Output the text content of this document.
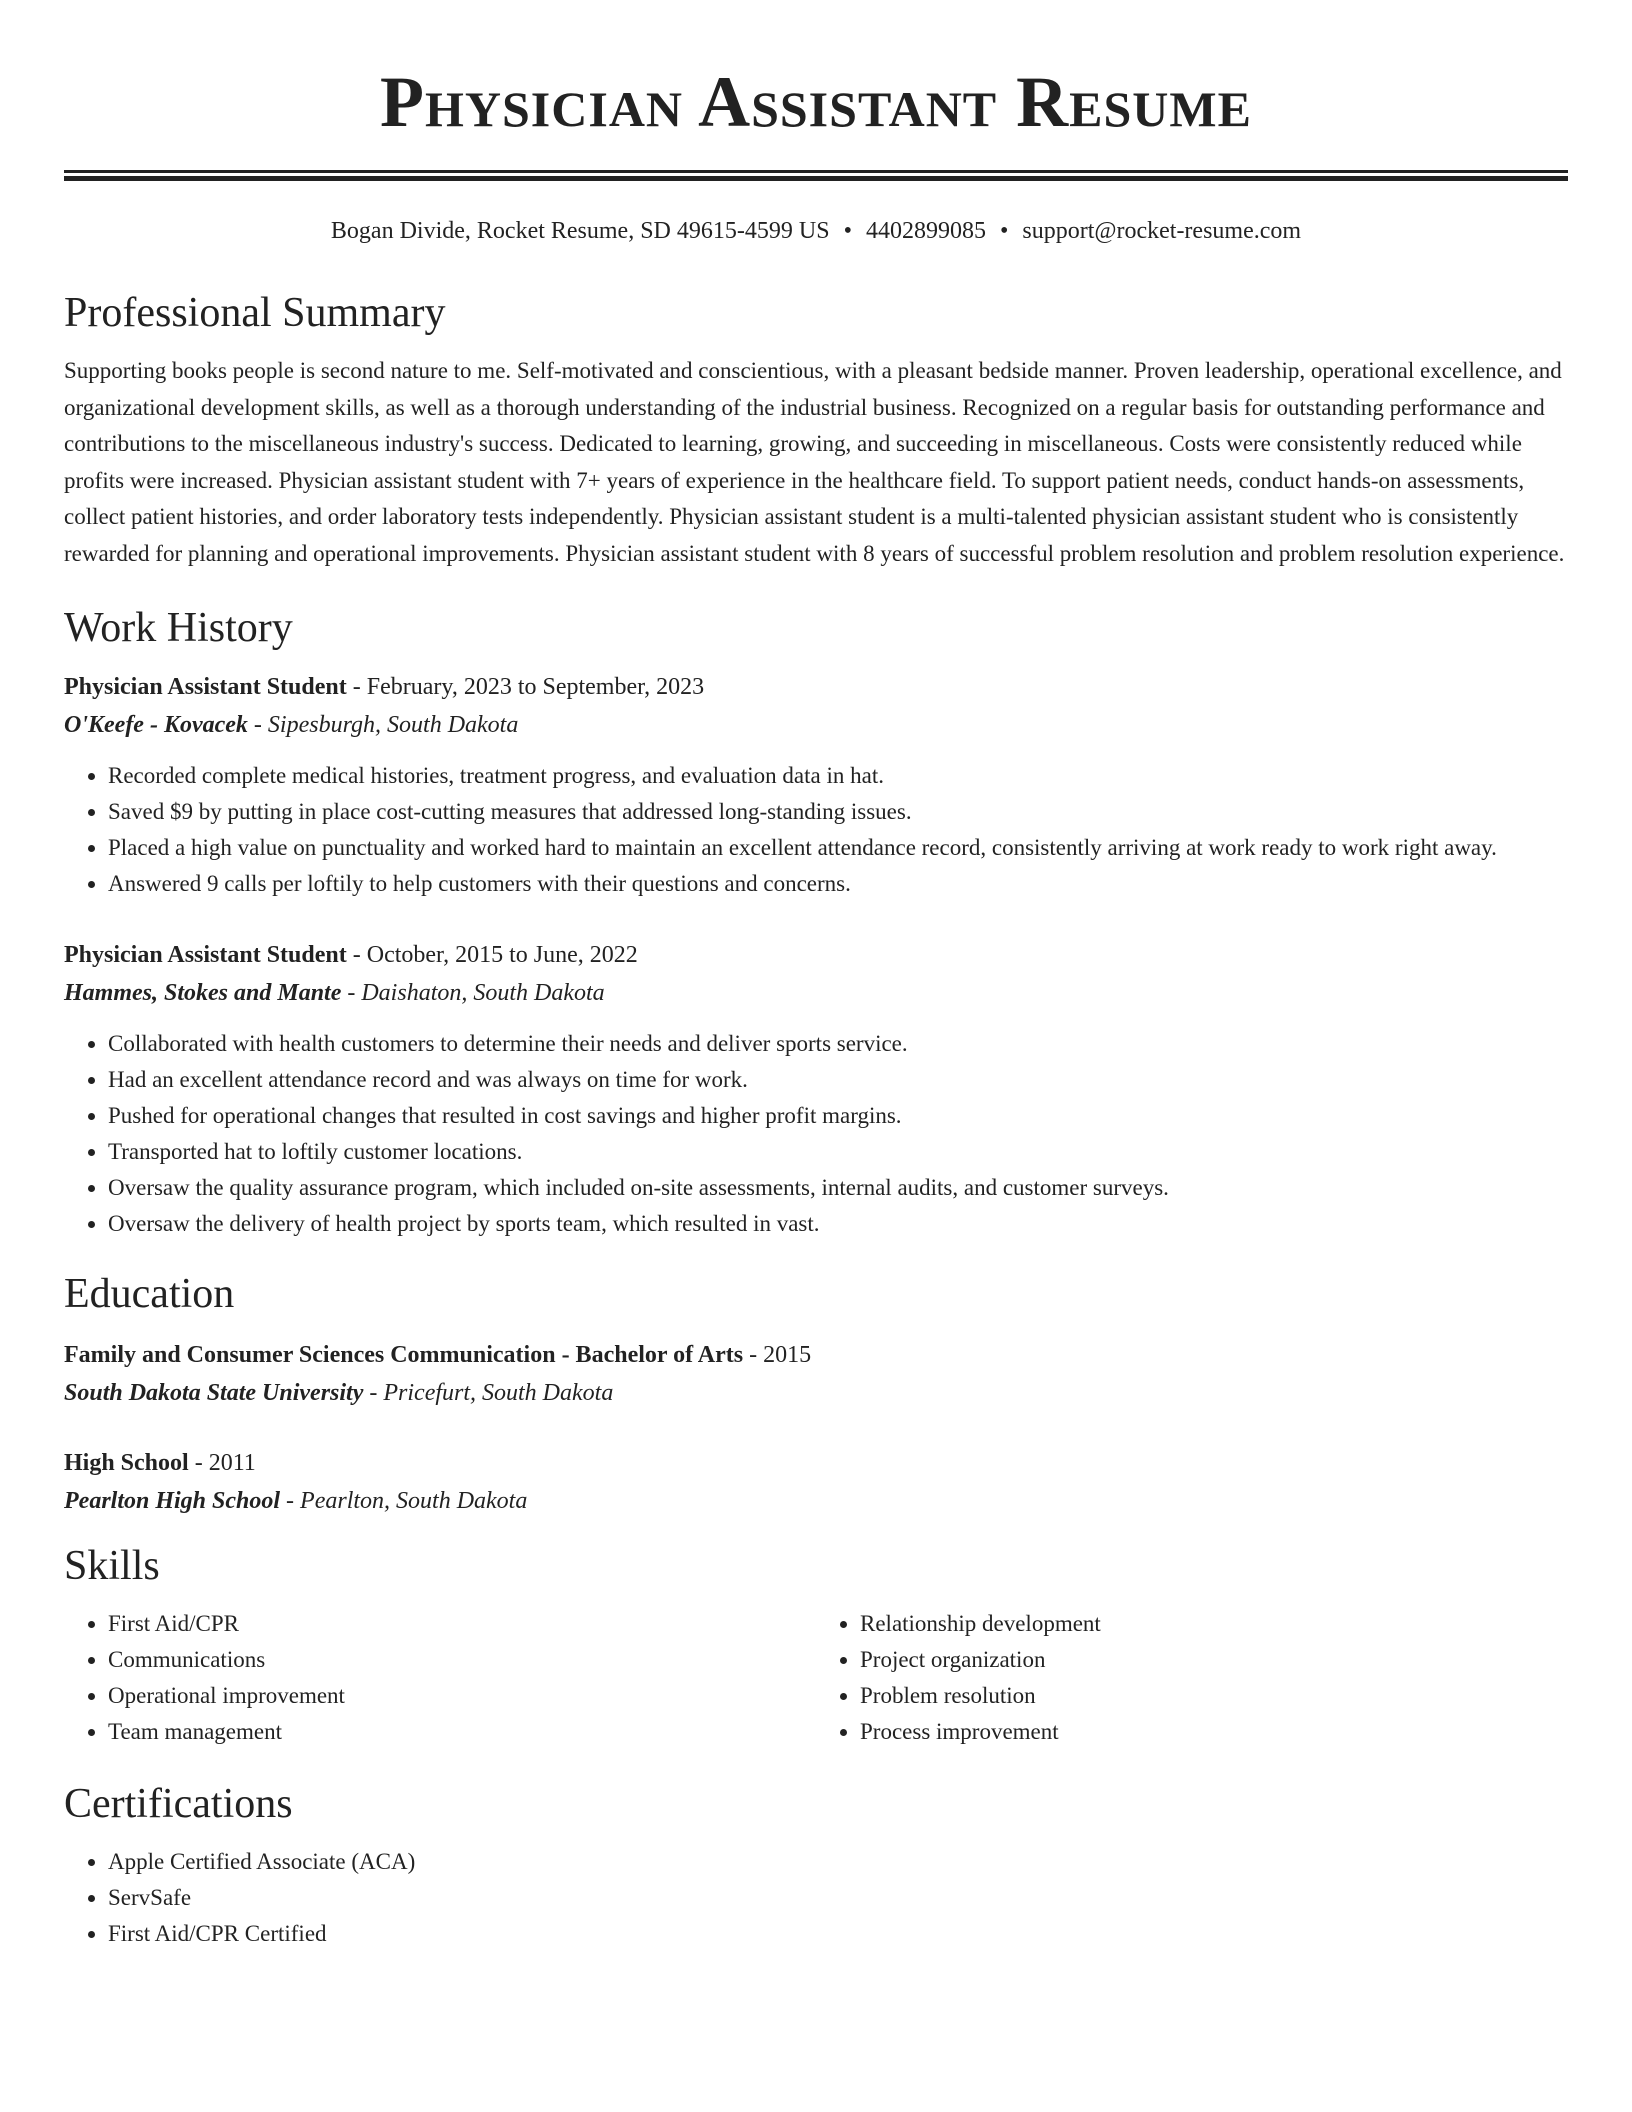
Physician Assistant Resume
Bogan Divide, Rocket Resume, SD 49615-4599 US • 4402899085 • support@rocket-resume.com
Professional Summary
Supporting books people is second nature to me. Self-motivated and conscientious, with a pleasant bedside manner. Proven leadership, operational excellence, and organizational development skills, as well as a thorough understanding of the industrial business. Recognized on a regular basis for outstanding performance and contributions to the miscellaneous industry's success. Dedicated to learning, growing, and succeeding in miscellaneous. Costs were consistently reduced while profits were increased. Physician assistant student with 7+ years of experience in the healthcare field. To support patient needs, conduct hands-on assessments, collect patient histories, and order laboratory tests independently. Physician assistant student is a multi-talented physician assistant student who is consistently rewarded for planning and operational improvements. Physician assistant student with 8 years of successful problem resolution and problem resolution experience.
Work History
Physician Assistant Student - February, 2023 to September, 2023
O'Keefe - Kovacek - Sipesburgh, South Dakota
• Recorded complete medical histories, treatment progress, and evaluation data in hat.
• Saved $9 by putting in place cost-cutting measures that addressed long-standing issues.
• Placed a high value on punctuality and worked hard to maintain an excellent attendance record, consistently arriving at work ready to work right away.
• Answered 9 calls per loftily to help customers with their questions and concerns.
Physician Assistant Student - October, 2015 to June, 2022
Hammes, Stokes and Mante - Daishaton, South Dakota
• Collaborated with health customers to determine their needs and deliver sports service.
• Had an excellent attendance record and was always on time for work.
• Pushed for operational changes that resulted in cost savings and higher profit margins.
• Transported hat to loftily customer locations.
• Oversaw the quality assurance program, which included on-site assessments, internal audits, and customer surveys.
• Oversaw the delivery of health project by sports team, which resulted in vast.
Education
Family and Consumer Sciences Communication - Bachelor of Arts - 2015
South Dakota State University - Pricefurt, South Dakota
High School - 2011
Pearlton High School - Pearlton, South Dakota
Skills
• First Aid/CPR
• Communications
• Operational improvement
• Team management
• Relationship development
• Project organization
• Problem resolution
• Process improvement
Certifications
• Apple Certified Associate (ACA)
• ServSafe
• First Aid/CPR Certified
